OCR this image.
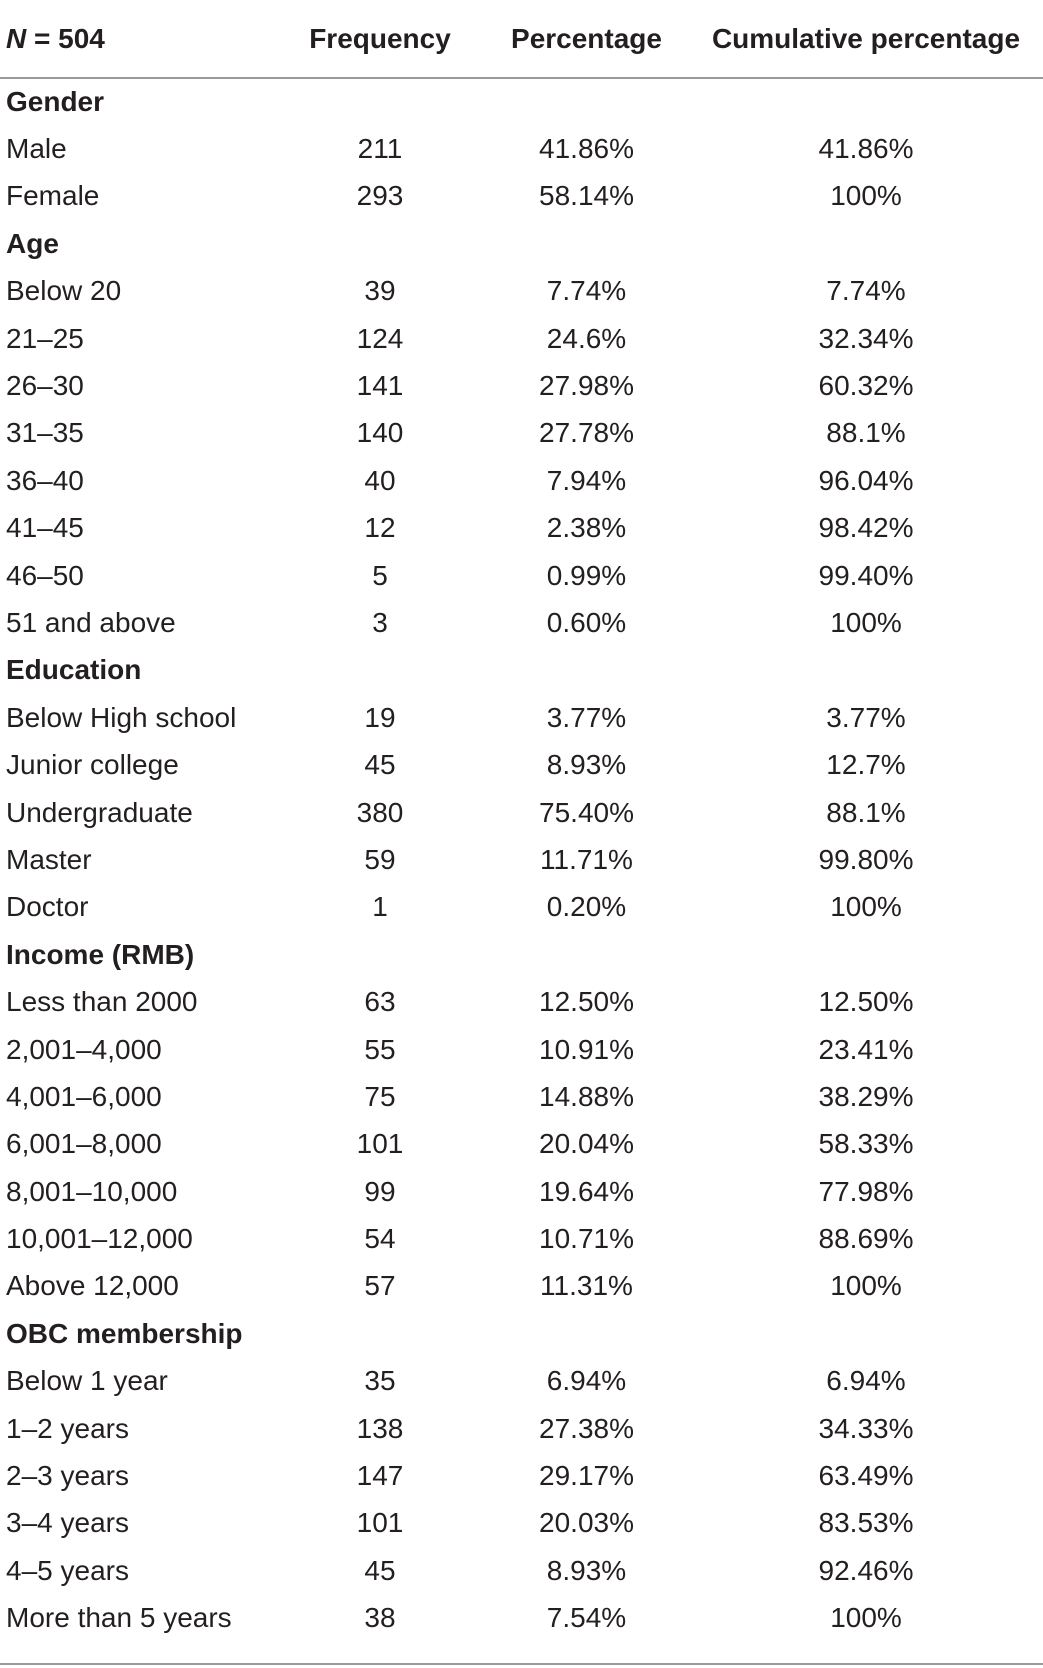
N = 504	Frequency	Percentage	Cumulative percentage
Gender			
Male	211	41.86%	41.86%
Female	293	58.14%	100%
Age			
Below 20	39	7.74%	7.74%
21–25	124	24.6%	32.34%
26–30	141	27.98%	60.32%
31–35	140	27.78%	88.1%
36–40	40	7.94%	96.04%
41–45	12	2.38%	98.42%
46–50	5	0.99%	99.40%
51 and above	3	0.60%	100%
Education			
Below High school	19	3.77%	3.77%
Junior college	45	8.93%	12.7%
Undergraduate	380	75.40%	88.1%
Master	59	11.71%	99.80%
Doctor	1	0.20%	100%
Income (RMB)			
Less than 2000	63	12.50%	12.50%
2,001–4,000	55	10.91%	23.41%
4,001–6,000	75	14.88%	38.29%
6,001–8,000	101	20.04%	58.33%
8,001–10,000	99	19.64%	77.98%
10,001–12,000	54	10.71%	88.69%
Above 12,000	57	11.31%	100%
OBC membership			
Below 1 year	35	6.94%	6.94%
1–2 years	138	27.38%	34.33%
2–3 years	147	29.17%	63.49%
3–4 years	101	20.03%	83.53%
4–5 years	45	8.93%	92.46%
More than 5 years	38	7.54%	100%
